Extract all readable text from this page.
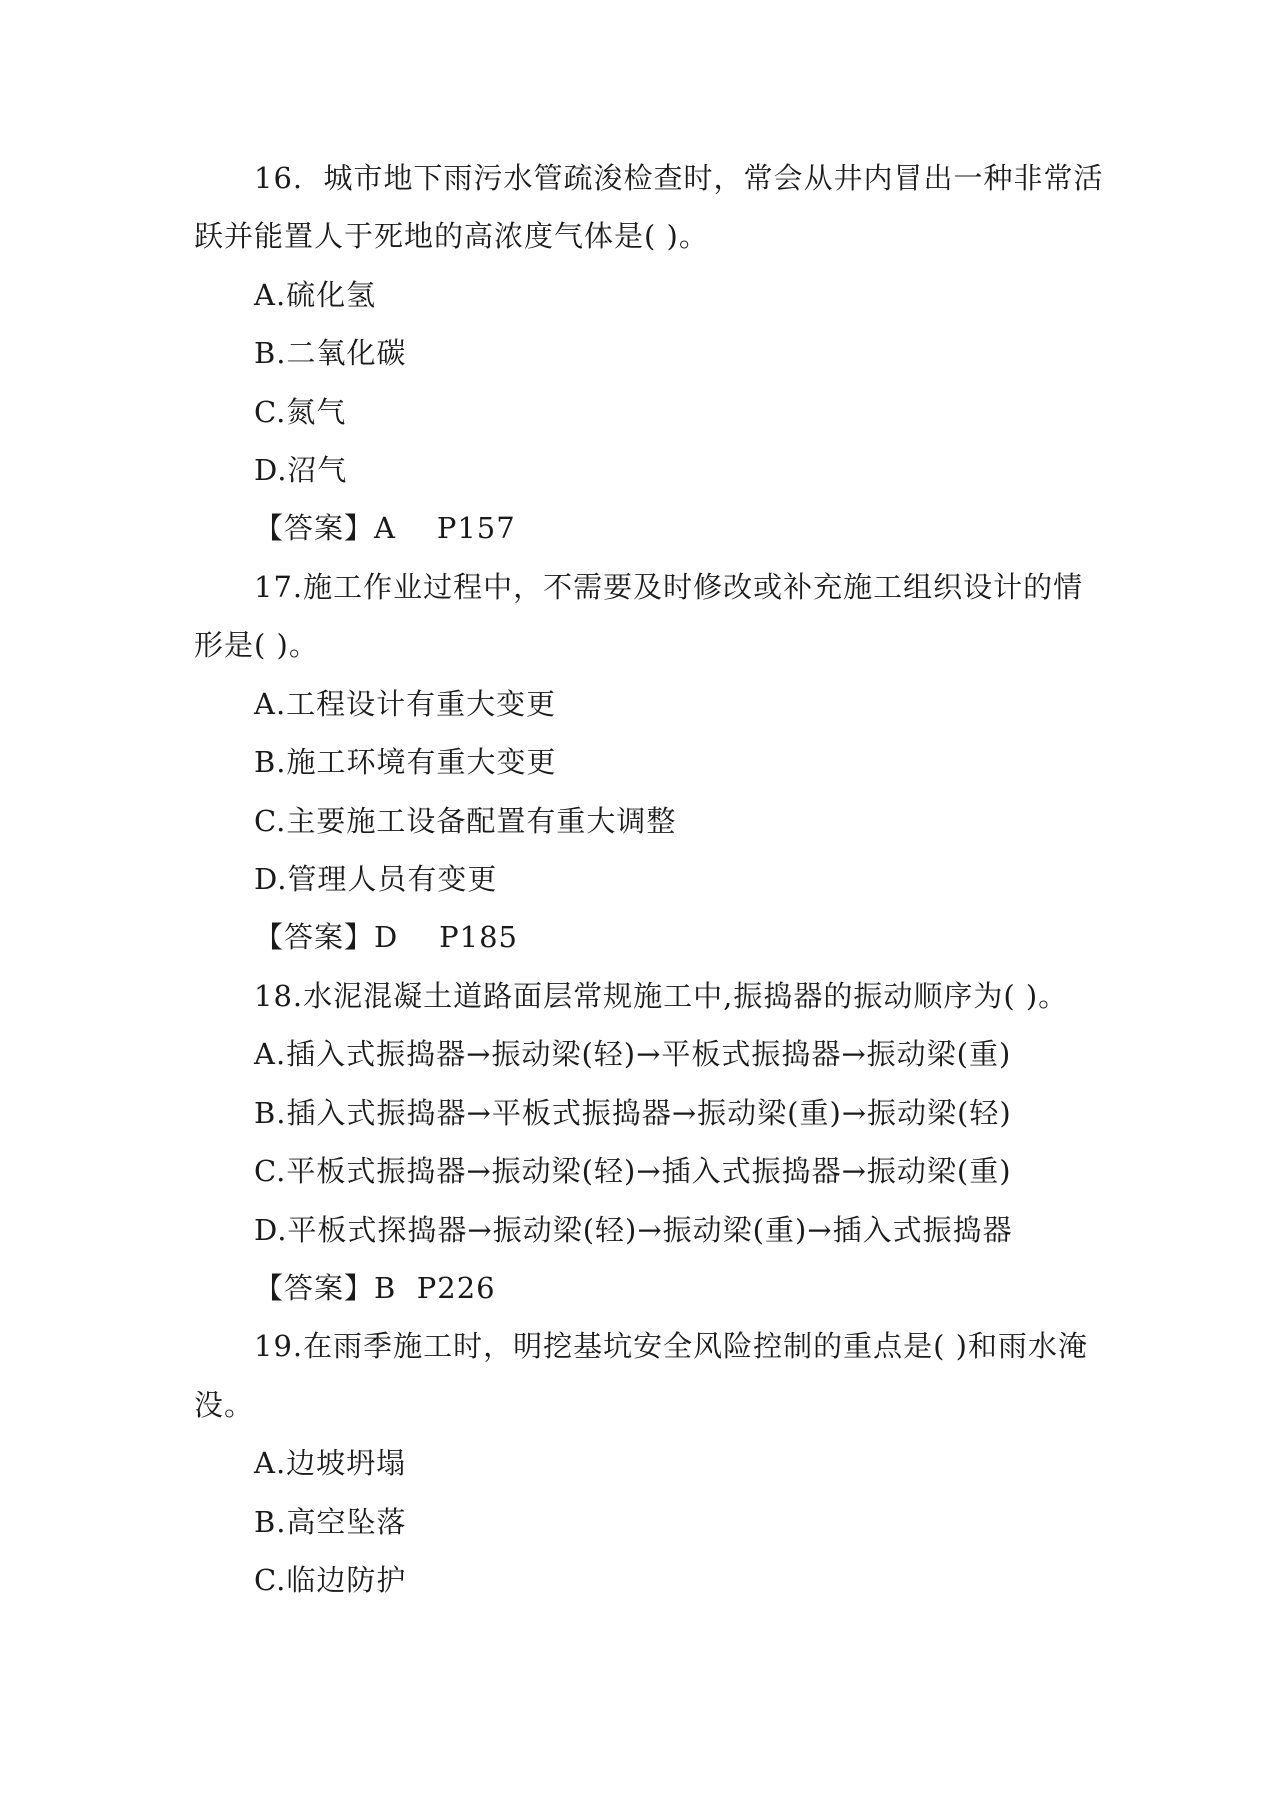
16.  城市地下雨污水管疏浚检查时，常会从井内冒出一种非常活
跃并能置人于死地的高浓度气体是( )。
A.硫化氢
B.二氧化碳
C.氮气
D.沼气
【答案】A    P157
17.施工作业过程中，不需要及时修改或补充施工组织设计的情
形是( )。
A.工程设计有重大变更
B.施工环境有重大变更
C.主要施工设备配置有重大调整
D.管理人员有变更
【答案】D    P185
18.水泥混凝土道路面层常规施工中,振捣器的振动顺序为( )。
A.插入式振捣器→振动梁(轻)→平板式振捣器→振动梁(重)
B.插入式振捣器→平板式振捣器→振动梁(重)→振动梁(轻)
C.平板式振捣器→振动梁(轻)→插入式振捣器→振动梁(重)
D.平板式探捣器→振动梁(轻)→振动梁(重)→插入式振捣器
【答案】B  P226
19.在雨季施工时，明挖基坑安全风险控制的重点是( )和雨水淹
没。
A.边坡坍塌
B.高空坠落
C.临边防护
